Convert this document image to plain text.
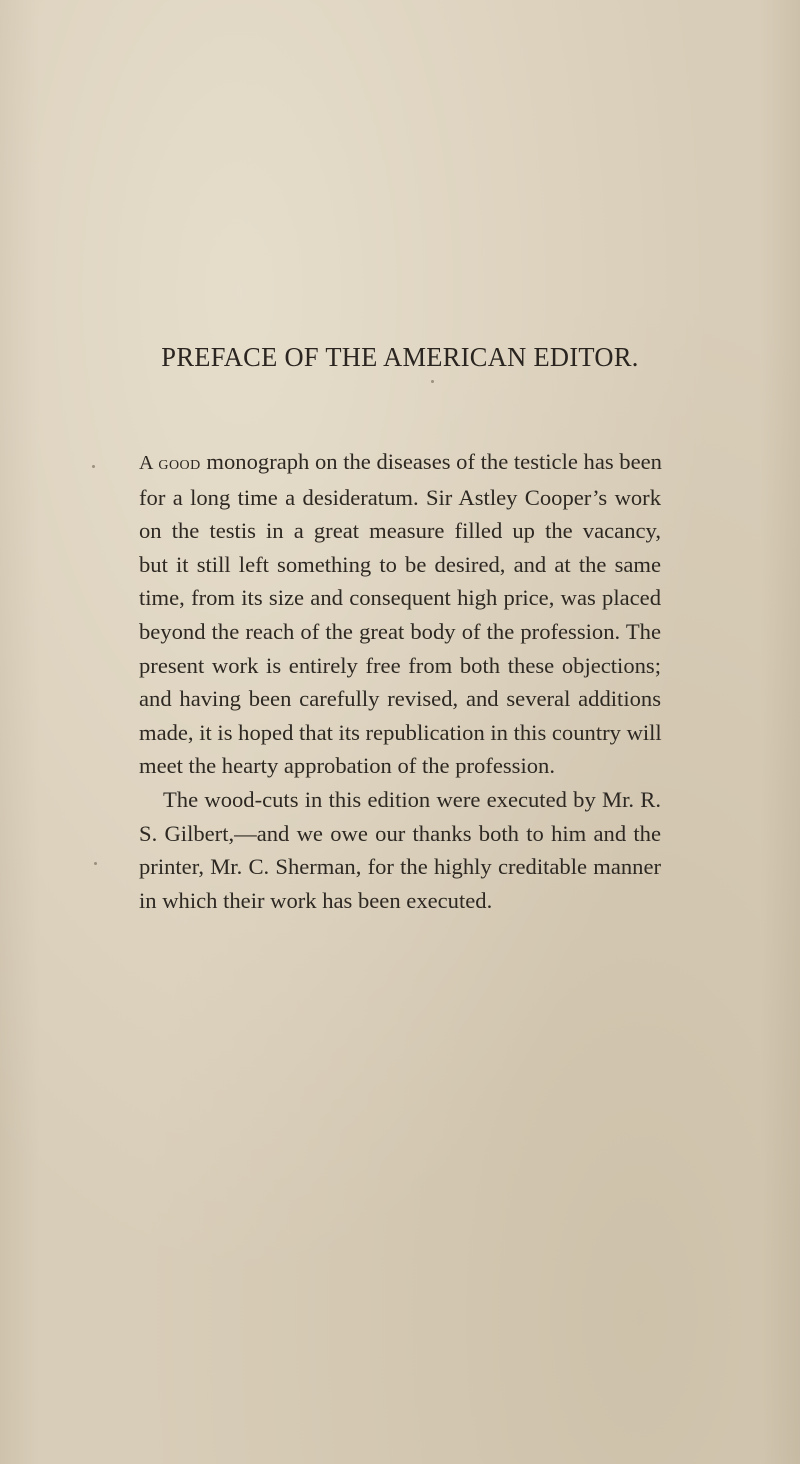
PREFACE OF THE AMERICAN EDITOR.
A good monograph on the diseases of the testicle has been
for a long time a desideratum. Sir Astley Cooper’s work
on the testis in a great measure filled up the vacancy,
but it still left something to be desired, and at the same
time, from its size and consequent high price, was placed
beyond the reach of the great body of the profession. The
present work is entirely free from both these objections;
and having been carefully revised, and several additions
made, it is hoped that its republication in this country will
meet the hearty approbation of the profession.
The wood-cuts in this edition were executed by Mr. R.
S. Gilbert,—and we owe our thanks both to him and the
printer, Mr. C. Sherman, for the highly creditable manner
in which their work has been executed.
